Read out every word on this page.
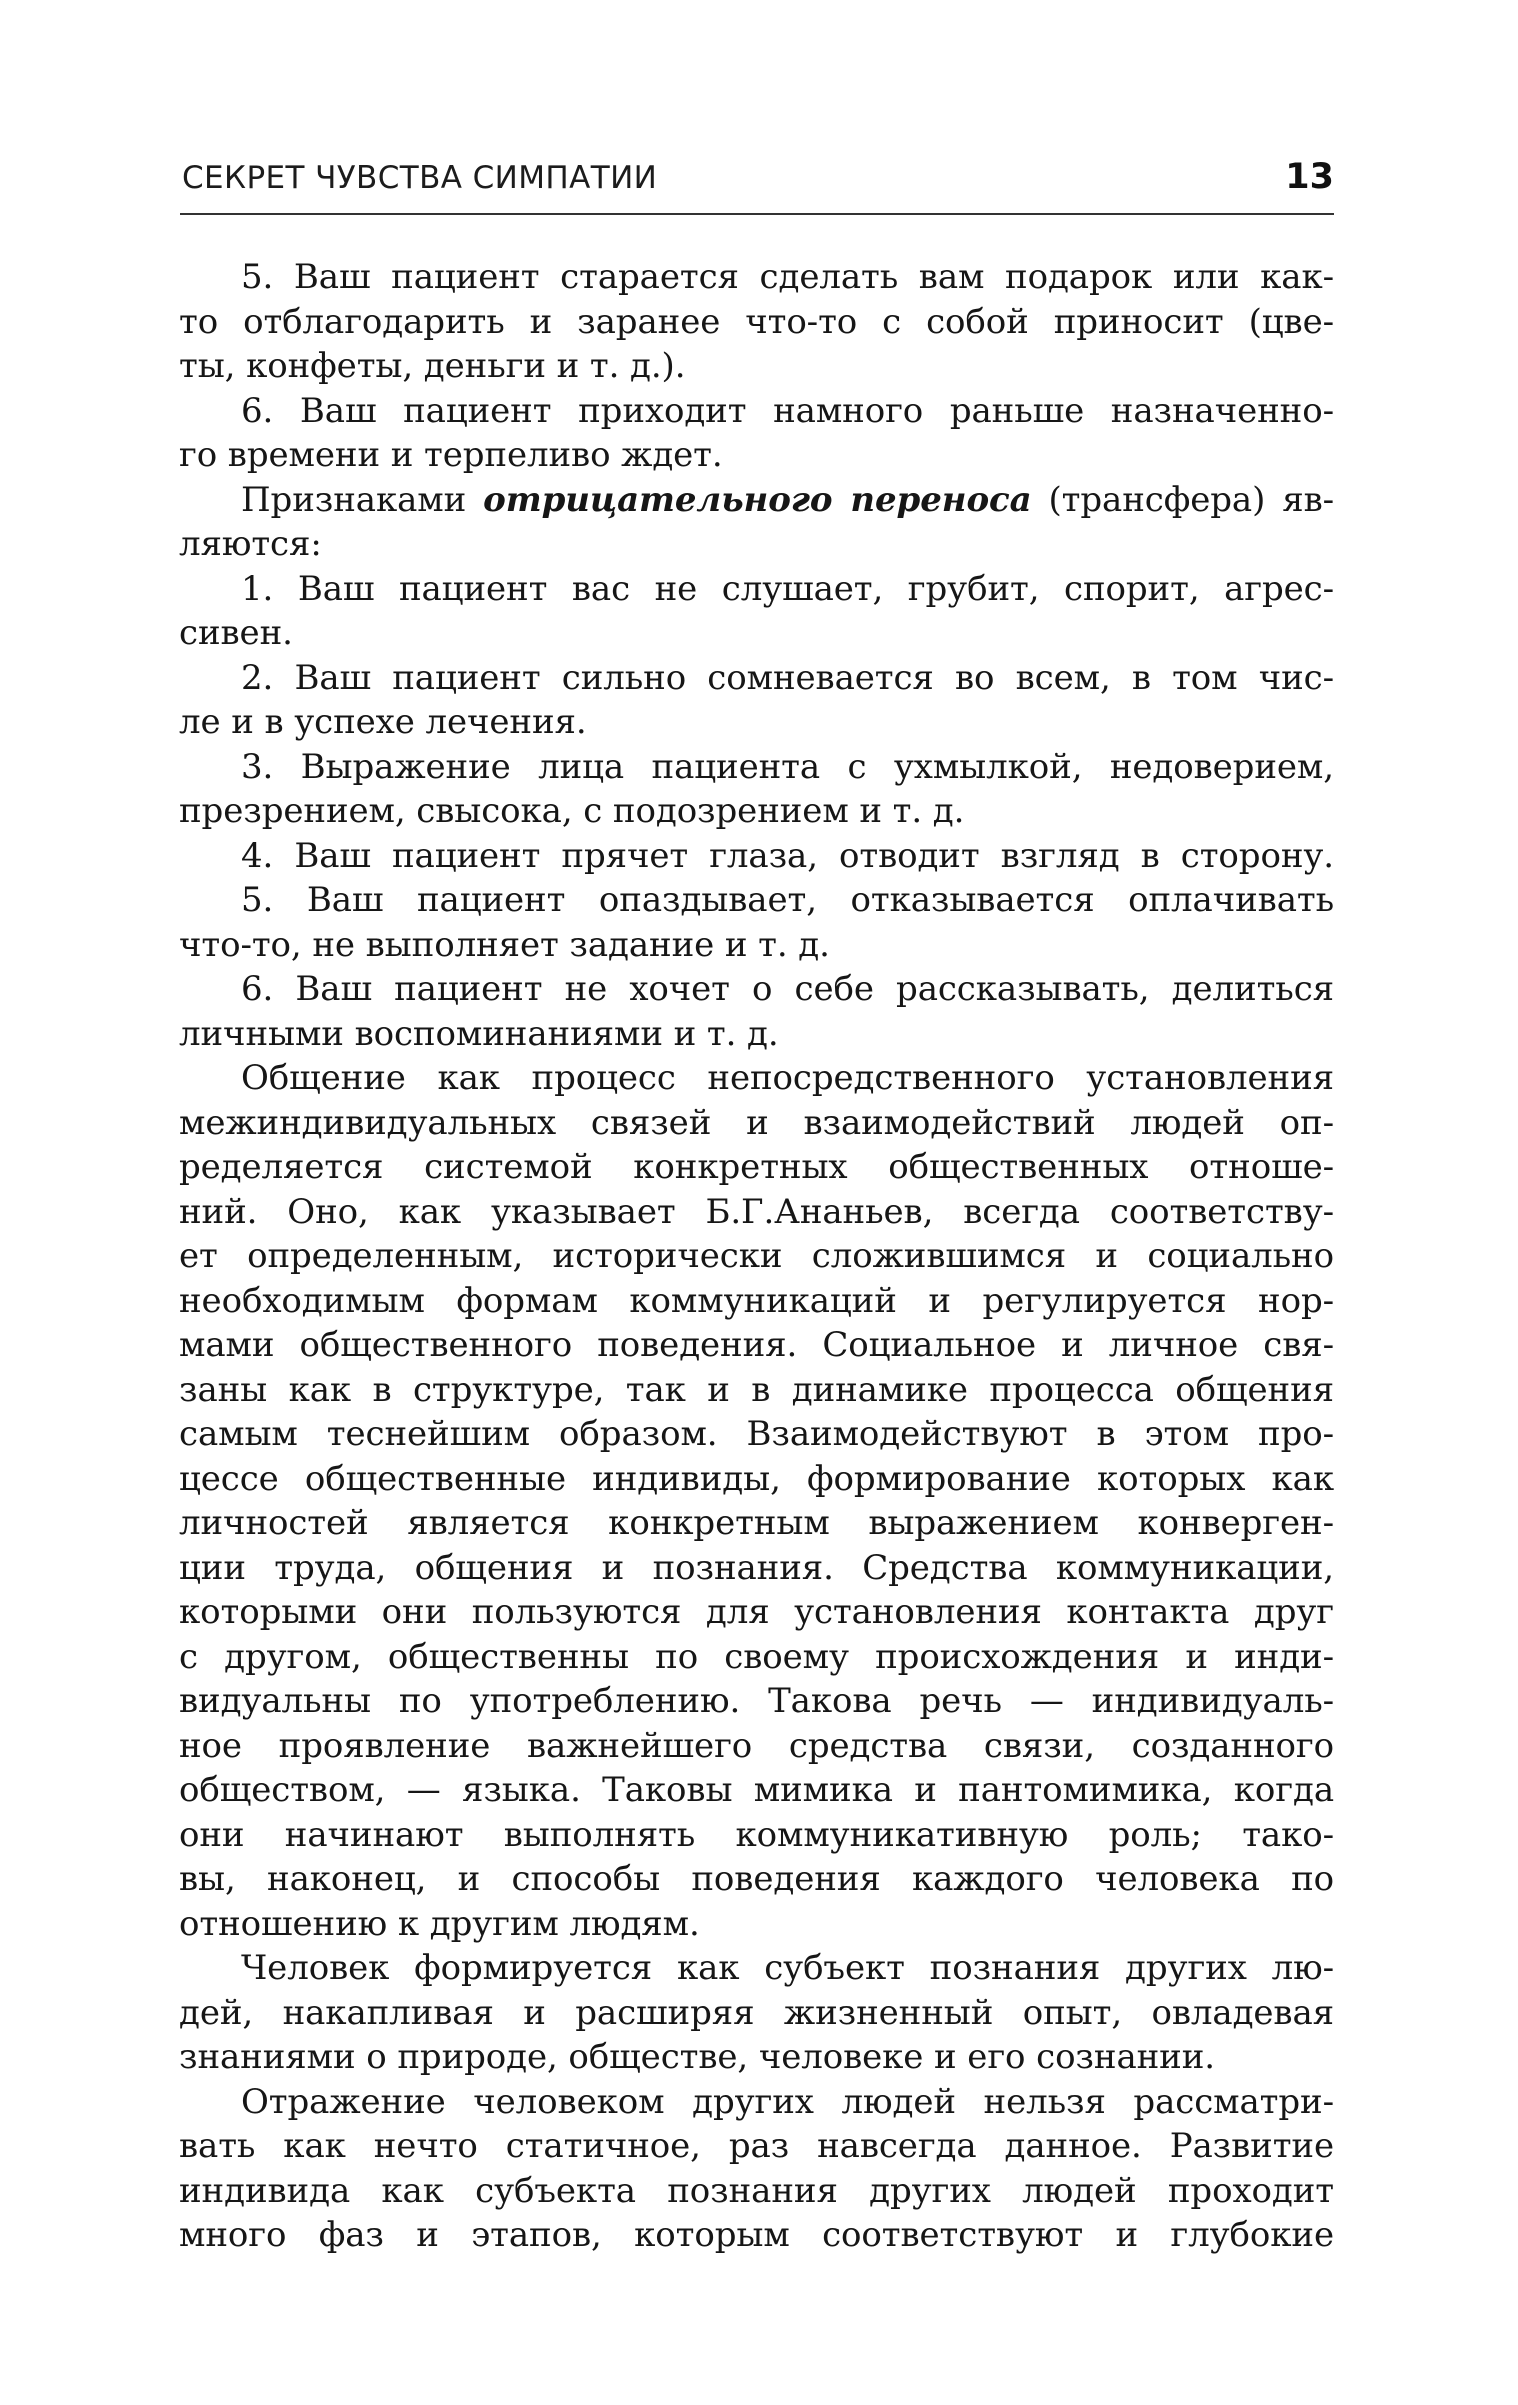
СЕКРЕТ ЧУВСТВА СИМПАТИИ	13
5. Ваш пациент старается сделать вам подарок или как-
то отблагодарить и заранее что-то с собой приносит (цве-
ты, конфеты, деньги и т. д.).
6. Ваш пациент приходит намного раньше назначенно-
го времени и терпеливо ждет.
Признаками отрицательного переноса (трансфера) яв-
ляются:
1. Ваш пациент вас не слушает, грубит, спорит, агрес-
сивен.
2. Ваш пациент сильно сомневается во всем, в том чис-
ле и в успехе лечения.
3. Выражение лица пациента с ухмылкой, недоверием,
презрением, свысока, с подозрением и т. д.
4. Ваш пациент прячет глаза, отводит взгляд в сторону.
5. Ваш пациент опаздывает, отказывается оплачивать
что-то, не выполняет задание и т. д.
6. Ваш пациент не хочет о себе рассказывать, делиться
личными воспоминаниями и т. д.
Общение как процесс непосредственного установления
межиндивидуальных связей и взаимодействий людей оп-
ределяется системой конкретных общественных отноше-
ний. Оно, как указывает Б.Г.Ананьев, всегда соответству-
ет определенным, исторически сложившимся и социально
необходимым формам коммуникаций и регулируется нор-
мами общественного поведения. Социальное и личное свя-
заны как в структуре, так и в динамике процесса общения
самым теснейшим образом. Взаимодействуют в этом про-
цессе общественные индивиды, формирование которых как
личностей является конкретным выражением конверген-
ции труда, общения и познания. Средства коммуникации,
которыми они пользуются для установления контакта друг
с другом, общественны по своему происхождения и инди-
видуальны по употреблению. Такова речь — индивидуаль-
ное проявление важнейшего средства связи, созданного
обществом, — языка. Таковы мимика и пантомимика, когда
они начинают выполнять коммуникативную роль; тако-
вы, наконец, и способы поведения каждого человека по
отношению к другим людям.
Человек формируется как субъект познания других лю-
дей, накапливая и расширяя жизненный опыт, овладевая
знаниями о природе, обществе, человеке и его сознании.
Отражение человеком других людей нельзя рассматри-
вать как нечто статичное, раз навсегда данное. Развитие
индивида как субъекта познания других людей проходит
много фаз и этапов, которым соответствуют и глубокие
